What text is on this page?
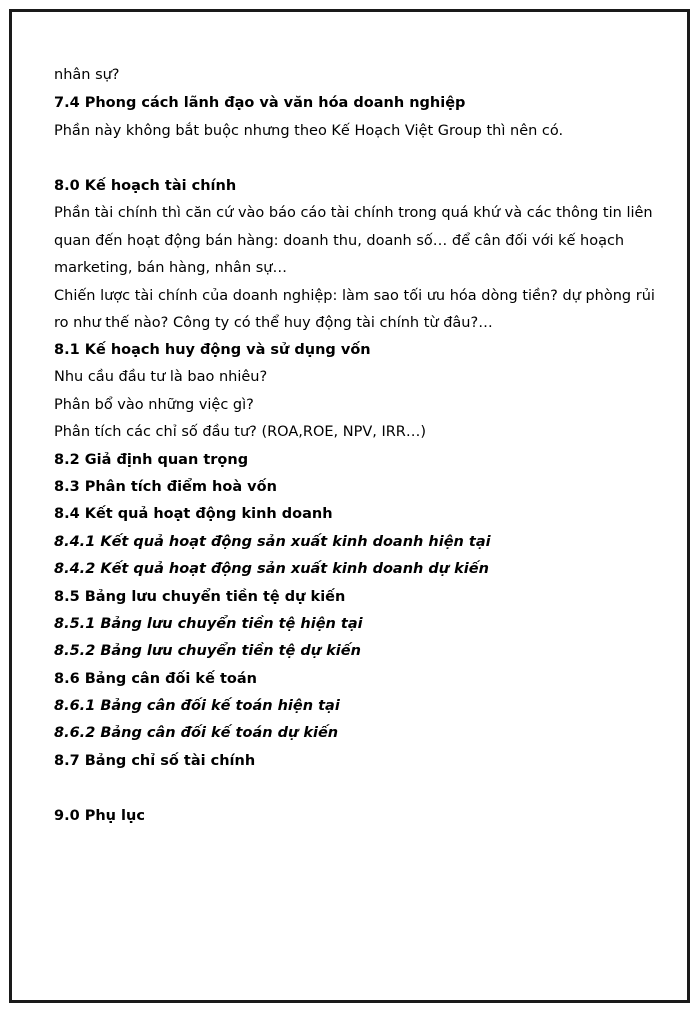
nhân sự?
7.4 Phong cách lãnh đạo và văn hóa doanh nghiệp
Phần này không bắt buộc nhưng theo Kế Hoạch Việt Group thì nên có.
8.0 Kế hoạch tài chính
Phần tài chính thì căn cứ vào báo cáo tài chính trong quá khứ và các thông tin liên
quan đến hoạt động bán hàng: doanh thu, doanh số… để cân đối với kế hoạch
marketing, bán hàng, nhân sự…
Chiến lược tài chính của doanh nghiệp: làm sao tối ưu hóa dòng tiền? dự phòng rủi
ro như thế nào? Công ty có thể huy động tài chính từ đâu?…
8.1 Kế hoạch huy động và sử dụng vốn
Nhu cầu đầu tư là bao nhiêu?
Phân bổ vào những việc gì?
Phân tích các chỉ số đầu tư? (ROA,ROE, NPV, IRR…)
8.2 Giả định quan trọng
8.3 Phân tích điểm hoà vốn
8.4 Kết quả hoạt động kinh doanh
8.4.1 Kết quả hoạt động sản xuất kinh doanh hiện tại
8.4.2 Kết quả hoạt động sản xuất kinh doanh dự kiến
8.5 Bảng lưu chuyển tiền tệ dự kiến
8.5.1 Bảng lưu chuyển tiền tệ hiện tại
8.5.2 Bảng lưu chuyển tiền tệ dự kiến
8.6 Bảng cân đối kế toán
8.6.1 Bảng cân đối kế toán hiện tại
8.6.2 Bảng cân đối kế toán dự kiến
8.7 Bảng chỉ số tài chính
9.0 Phụ lục
